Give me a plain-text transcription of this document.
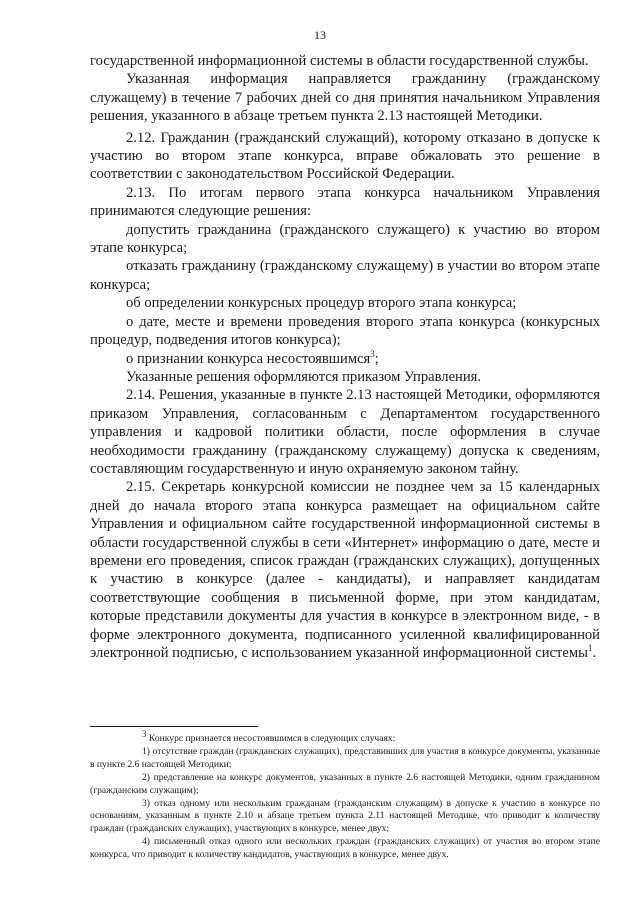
13

государственной информационной системы в области государственной службы.

Указанная информация направляется гражданину (гражданскому служащему) в течение 7 рабочих дней со дня принятия начальником Управления решения, указанного в абзаце третьем пункта 2.13 настоящей Методики.

2.12. Гражданин (гражданский служащий), которому отказано в допуске к участию во втором этапе конкурса, вправе обжаловать это решение в соответствии с законодательством Российской Федерации.

2.13. По итогам первого этапа конкурса начальником Управления принимаются следующие решения:

допустить гражданина (гражданского служащего) к участию во втором этапе конкурса;

отказать гражданину (гражданскому служащему) в участии во втором этапе конкурса;

об определении конкурсных процедур второго этапа конкурса;

о дате, месте и времени проведения второго этапа конкурса (конкурсных процедур, подведения итогов конкурса);

о признании конкурса несостоявшимся$^3$;

Указанные решения оформляются приказом Управления.

2.14. Решения, указанные в пункте 2.13 настоящей Методики, оформляются приказом Управления, согласованным с Департаментом государственного управления и кадровой политики области, после оформления в случае необходимости гражданину (гражданскому служащему) допуска к сведениям, составляющим государственную и иную охраняемую законом тайну.

2.15. Секретарь конкурсной комиссии не позднее чем за 15 календарных дней до начала второго этапа конкурса размещает на официальном сайте Управления и официальном сайте государственной информационной системы в области государственной службы в сети «Интернет» информацию о дате, месте и времени его проведения, список граждан (гражданских служащих), допущенных к участию в конкурсе (далее - кандидаты), и направляет кандидатам соответствующие сообщения в письменной форме, при этом кандидатам, которые представили документы для участия в конкурсе в электронном виде, - в форме электронного документа, подписанного усиленной квалифицированной электронной подписью, с использованием указанной информационной системы$^1$.

$^3$ Конкурс признается несостоявшимся в следующих случаях:

1) отсутствие граждан (гражданских служащих), представивших для участия в конкурсе документы, указанные в пункте 2.6 настоящей Методики;

2) представление на конкурс документов, указанных в пункте 2.6 настоящей Методики, одним гражданином (гражданским служащим);

3) отказ одному или нескольким гражданам (гражданским служащим) в допуске к участию в конкурсе по основаниям, указанным в пункте 2.10 и абзаце третьем пункта 2.11 настоящей Методике, что приводит к количеству граждан (гражданских служащих), участвующих в конкурсе, менее двух;

4) письменный отказ одного или нескольких граждан (гражданских служащих) от участия во втором этапе конкурса, что приводит к количеству кандидатов, участвующих в конкурсе, менее двух.
